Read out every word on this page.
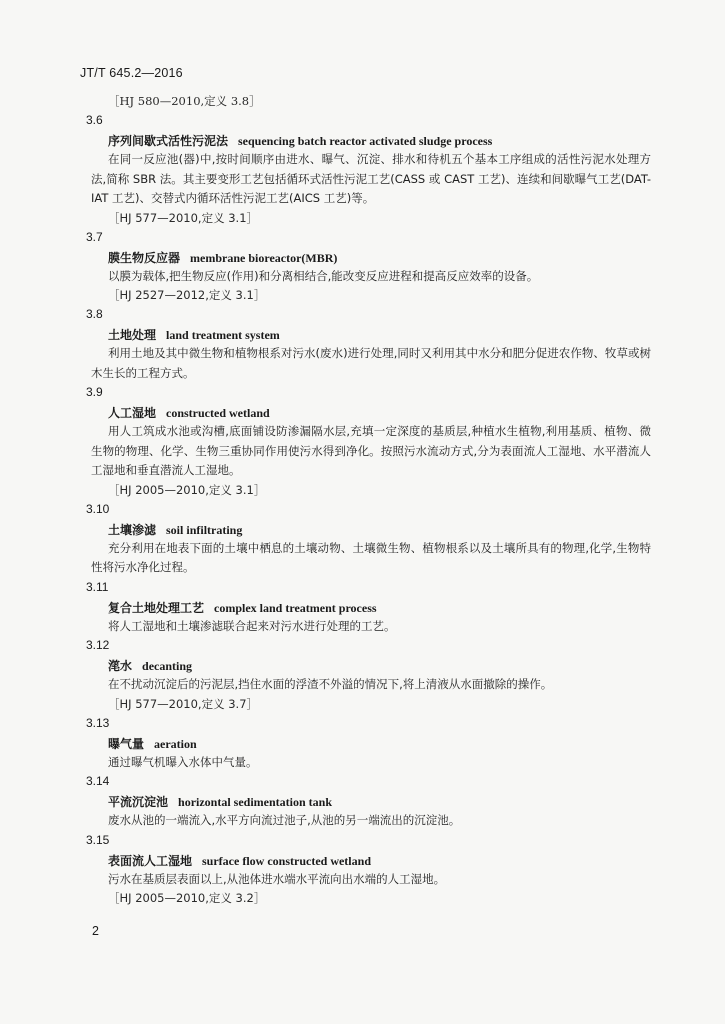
JT/T 645.2—2016
［HJ 580—2010,定义 3.8］
3.6
序列间歇式活性污泥法 sequencing batch reactor activated sludge process
在同一反应池(器)中,按时间顺序由进水、曝气、沉淀、排水和待机五个基本工序组成的活性污泥水处理方法,简称 SBR 法。其主要变形工艺包括循环式活性污泥工艺(CASS 或 CAST 工艺)、连续和间歇曝气工艺(DAT-IAT 工艺)、交替式内循环活性污泥工艺(AICS 工艺)等。
［HJ 577—2010,定义 3.1］
3.7
膜生物反应器 membrane bioreactor(MBR)
以膜为载体,把生物反应(作用)和分离相结合,能改变反应进程和提高反应效率的设备。
［HJ 2527—2012,定义 3.1］
3.8
土地处理 land treatment system
利用土地及其中微生物和植物根系对污水(废水)进行处理,同时又利用其中水分和肥分促进农作物、牧草或树木生长的工程方式。
3.9
人工湿地 constructed wetland
用人工筑成水池或沟槽,底面铺设防渗漏隔水层,充填一定深度的基质层,种植水生植物,利用基质、植物、微生物的物理、化学、生物三重协同作用使污水得到净化。按照污水流动方式,分为表面流人工湿地、水平潜流人工湿地和垂直潜流人工湿地。
［HJ 2005—2010,定义 3.1］
3.10
土壤渗滤 soil infiltrating
充分利用在地表下面的土壤中栖息的土壤动物、土壤微生物、植物根系以及土壤所具有的物理,化学,生物特性将污水净化过程。
3.11
复合土地处理工艺 complex land treatment process
将人工湿地和土壤渗滤联合起来对污水进行处理的工艺。
3.12
滗水 decanting
在不扰动沉淀后的污泥层,挡住水面的浮渣不外溢的情况下,将上清液从水面撤除的操作。
［HJ 577—2010,定义 3.7］
3.13
曝气量 aeration
通过曝气机曝入水体中气量。
3.14
平流沉淀池 horizontal sedimentation tank
废水从池的一端流入,水平方向流过池子,从池的另一端流出的沉淀池。
3.15
表面流人工湿地 surface flow constructed wetland
污水在基质层表面以上,从池体进水端水平流向出水端的人工湿地。
［HJ 2005—2010,定义 3.2］
2
